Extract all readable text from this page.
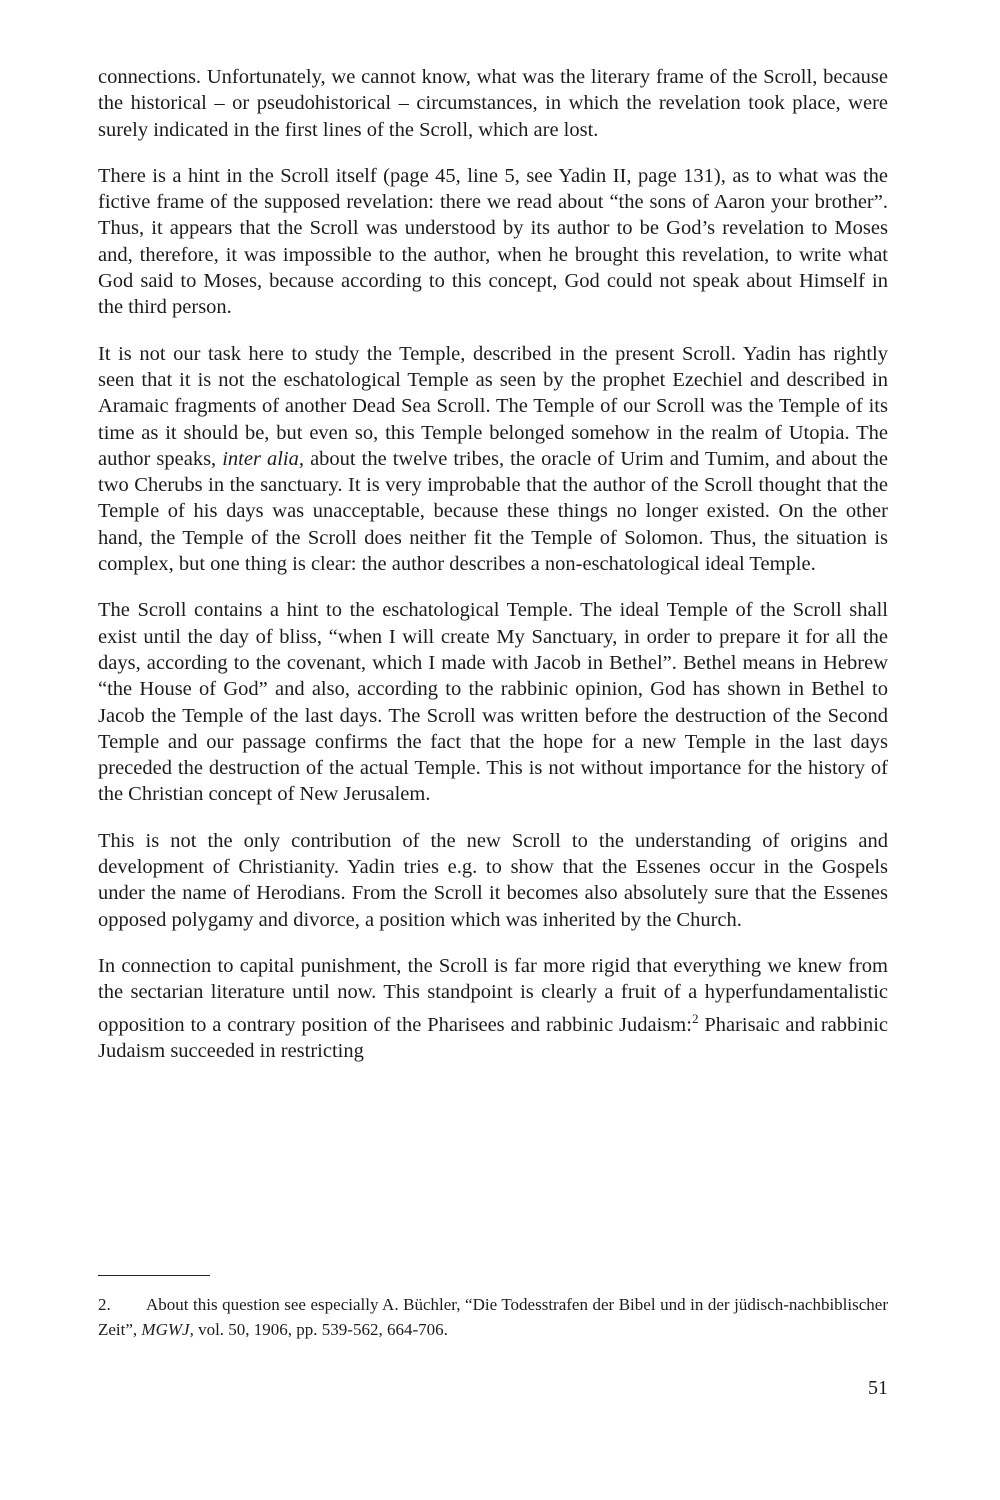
connections. Unfortunately, we cannot know, what was the literary frame of the Scroll, because the historical – or pseudohistorical – circumstances, in which the revelation took place, were surely indicated in the first lines of the Scroll, which are lost.

There is a hint in the Scroll itself (page 45, line 5, see Yadin II, page 131), as to what was the fictive frame of the supposed revelation: there we read about “the sons of Aaron your brother”. Thus, it appears that the Scroll was understood by its author to be God’s revelation to Moses and, therefore, it was impossible to the author, when he brought this revelation, to write what God said to Moses, because according to this concept, God could not speak about Himself in the third person.

It is not our task here to study the Temple, described in the present Scroll. Yadin has rightly seen that it is not the eschatological Temple as seen by the prophet Ezechiel and described in Aramaic fragments of another Dead Sea Scroll. The Temple of our Scroll was the Temple of its time as it should be, but even so, this Temple belonged somehow in the realm of Utopia. The author speaks, inter alia, about the twelve tribes, the oracle of Urim and Tumim, and about the two Cherubs in the sanctuary. It is very improbable that the author of the Scroll thought that the Temple of his days was unacceptable, because these things no longer existed. On the other hand, the Temple of the Scroll does neither fit the Temple of Solomon. Thus, the situation is complex, but one thing is clear: the author describes a non-eschatological ideal Temple.

The Scroll contains a hint to the eschatological Temple. The ideal Temple of the Scroll shall exist until the day of bliss, “when I will create My Sanctuary, in order to prepare it for all the days, according to the covenant, which I made with Jacob in Bethel”. Bethel means in Hebrew “the House of God” and also, according to the rabbinic opinion, God has shown in Bethel to Jacob the Temple of the last days. The Scroll was written before the destruction of the Second Temple and our passage confirms the fact that the hope for a new Temple in the last days preceded the destruction of the actual Temple. This is not without importance for the history of the Christian concept of New Jerusalem.

This is not the only contribution of the new Scroll to the understanding of origins and development of Christianity. Yadin tries e.g. to show that the Essenes occur in the Gospels under the name of Herodians. From the Scroll it becomes also absolutely sure that the Essenes opposed polygamy and divorce, a position which was inherited by the Church.

In connection to capital punishment, the Scroll is far more rigid that everything we knew from the sectarian literature until now. This standpoint is clearly a fruit of a hyperfundamentalistic opposition to a contrary position of the Pharisees and rabbinic Judaism:$^2$ Pharisaic and rabbinic Judaism succeeded in restricting

2. About this question see especially A. Büchler, “Die Todesstrafen der Bibel und in der jüdisch-nachbiblischer Zeit”, MGWJ, vol. 50, 1906, pp. 539-562, 664-706.

51
